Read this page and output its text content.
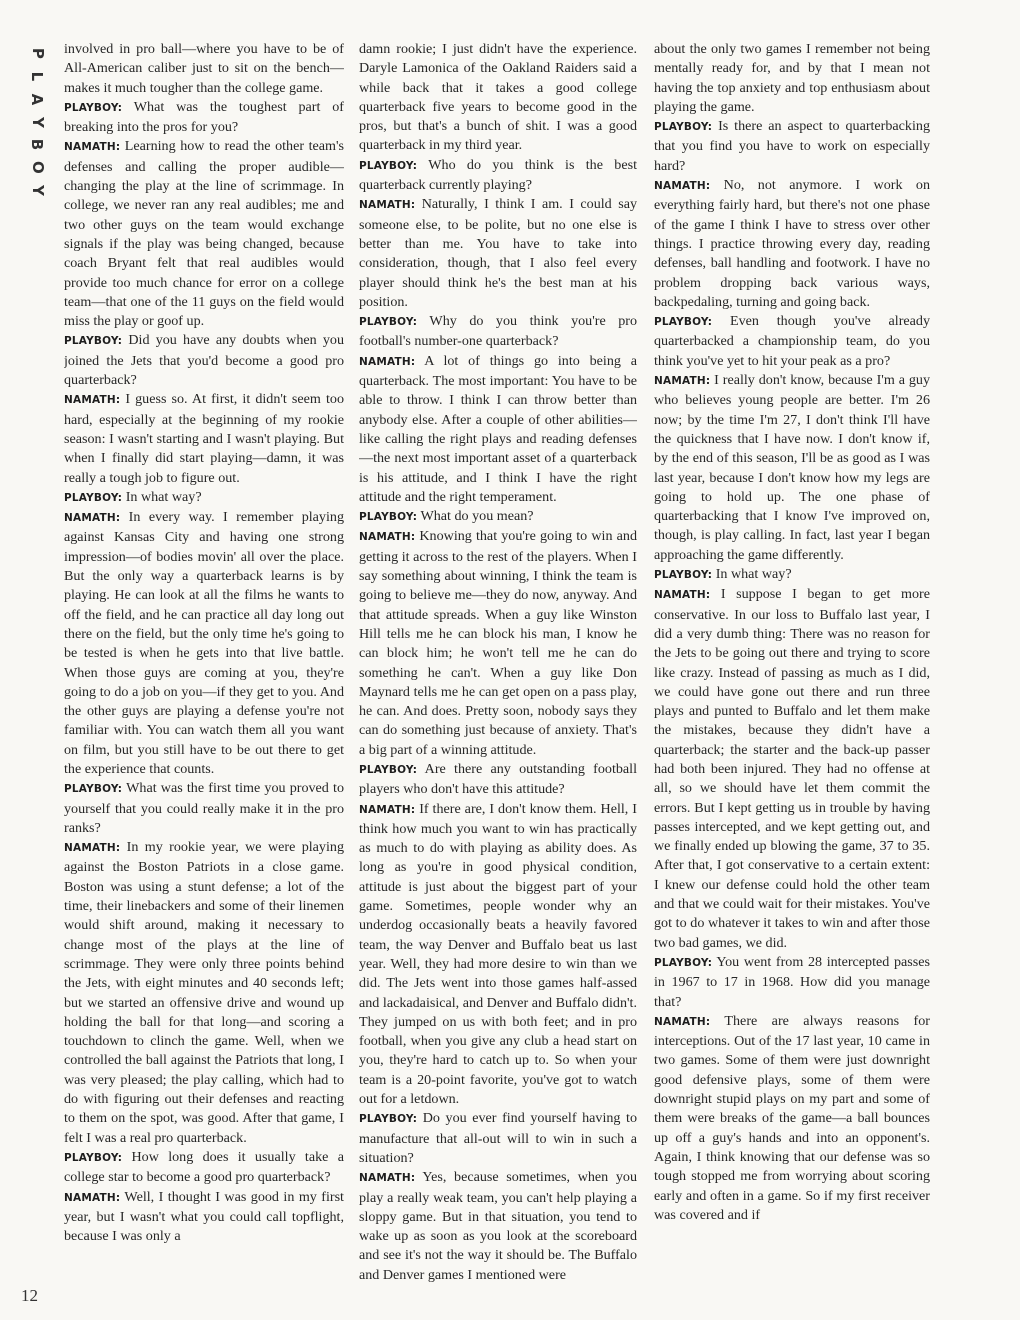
P
L
A
Y
B
O
Y

involved in pro ball—where you have to be of All-American caliber just to sit on the bench—makes it much tougher than the college game.

PLAYBOY: What was the toughest part of breaking into the pros for you?

NAMATH: Learning how to read the other team's defenses and calling the proper audible—changing the play at the line of scrimmage. In college, we never ran any real audibles; me and two other guys on the team would exchange signals if the play was being changed, because coach Bryant felt that real audibles would provide too much chance for error on a college team—that one of the 11 guys on the field would miss the play or goof up.

PLAYBOY: Did you have any doubts when you joined the Jets that you'd become a good pro quarterback?

NAMATH: I guess so. At first, it didn't seem too hard, especially at the beginning of my rookie season: I wasn't starting and I wasn't playing. But when I finally did start playing—damn, it was really a tough job to figure out.

PLAYBOY: In what way?

NAMATH: In every way. I remember playing against Kansas City and having one strong impression—of bodies movin' all over the place. But the only way a quarterback learns is by playing. He can look at all the films he wants to off the field, and he can practice all day long out there on the field, but the only time he's going to be tested is when he gets into that live battle. When those guys are coming at you, they're going to do a job on you—if they get to you. And the other guys are playing a defense you're not familiar with. You can watch them all you want on film, but you still have to be out there to get the experience that counts.

PLAYBOY: What was the first time you proved to yourself that you could really make it in the pro ranks?

NAMATH: In my rookie year, we were playing against the Boston Patriots in a close game. Boston was using a stunt defense; a lot of the time, their linebackers and some of their linemen would shift around, making it necessary to change most of the plays at the line of scrimmage. They were only three points behind the Jets, with eight minutes and 40 seconds left; but we started an offensive drive and wound up holding the ball for that long—and scoring a touchdown to clinch the game. Well, when we controlled the ball against the Patriots that long, I was very pleased; the play calling, which had to do with figuring out their defenses and reacting to them on the spot, was good. After that game, I felt I was a real pro quarterback.

PLAYBOY: How long does it usually take a college star to become a good pro quarterback?

NAMATH: Well, I thought I was good in my first year, but I wasn't what you could call topflight, because I was only a

damn rookie; I just didn't have the experience. Daryle Lamonica of the Oakland Raiders said a while back that it takes a good college quarterback five years to become good in the pros, but that's a bunch of shit. I was a good quarterback in my third year.

PLAYBOY: Who do you think is the best quarterback currently playing?

NAMATH: Naturally, I think I am. I could say someone else, to be polite, but no one else is better than me. You have to take into consideration, though, that I also feel every player should think he's the best man at his position.

PLAYBOY: Why do you think you're pro football's number-one quarterback?

NAMATH: A lot of things go into being a quarterback. The most important: You have to be able to throw. I think I can throw better than anybody else. After a couple of other abilities—like calling the right plays and reading defenses—the next most important asset of a quarterback is his attitude, and I think I have the right attitude and the right temperament.

PLAYBOY: What do you mean?

NAMATH: Knowing that you're going to win and getting it across to the rest of the players. When I say something about winning, I think the team is going to believe me—they do now, anyway. And that attitude spreads. When a guy like Winston Hill tells me he can block his man, I know he can block him; he won't tell me he can do something he can't. When a guy like Don Maynard tells me he can get open on a pass play, he can. And does. Pretty soon, nobody says they can do something just because of anxiety. That's a big part of a winning attitude.

PLAYBOY: Are there any outstanding football players who don't have this attitude?

NAMATH: If there are, I don't know them. Hell, I think how much you want to win has practically as much to do with playing as ability does. As long as you're in good physical condition, attitude is just about the biggest part of your game. Sometimes, people wonder why an underdog occasionally beats a heavily favored team, the way Denver and Buffalo beat us last year. Well, they had more desire to win than we did. The Jets went into those games half-assed and lackadaisical, and Denver and Buffalo didn't. They jumped on us with both feet; and in pro football, when you give any club a head start on you, they're hard to catch up to. So when your team is a 20-point favorite, you've got to watch out for a letdown.

PLAYBOY: Do you ever find yourself having to manufacture that all-out will to win in such a situation?

NAMATH: Yes, because sometimes, when you play a really weak team, you can't help playing a sloppy game. But in that situation, you tend to wake up as soon as you look at the scoreboard and see it's not the way it should be. The Buffalo and Denver games I mentioned were

about the only two games I remember not being mentally ready for, and by that I mean not having the top anxiety and top enthusiasm about playing the game.

PLAYBOY: Is there an aspect to quarterbacking that you find you have to work on especially hard?

NAMATH: No, not anymore. I work on everything fairly hard, but there's not one phase of the game I think I have to stress over other things. I practice throwing every day, reading defenses, ball handling and footwork. I have no problem dropping back various ways, backpedaling, turning and going back.

PLAYBOY: Even though you've already quarterbacked a championship team, do you think you've yet to hit your peak as a pro?

NAMATH: I really don't know, because I'm a guy who believes young people are better. I'm 26 now; by the time I'm 27, I don't think I'll have the quickness that I have now. I don't know if, by the end of this season, I'll be as good as I was last year, because I don't know how my legs are going to hold up. The one phase of quarterbacking that I know I've improved on, though, is play calling. In fact, last year I began approaching the game differently.

PLAYBOY: In what way?

NAMATH: I suppose I began to get more conservative. In our loss to Buffalo last year, I did a very dumb thing: There was no reason for the Jets to be going out there and trying to score like crazy. Instead of passing as much as I did, we could have gone out there and run three plays and punted to Buffalo and let them make the mistakes, because they didn't have a quarterback; the starter and the back-up passer had both been injured. They had no offense at all, so we should have let them commit the errors. But I kept getting us in trouble by having passes intercepted, and we kept getting out, and we finally ended up blowing the game, 37 to 35. After that, I got conservative to a certain extent: I knew our defense could hold the other team and that we could wait for their mistakes. You've got to do whatever it takes to win and after those two bad games, we did.

PLAYBOY: You went from 28 intercepted passes in 1967 to 17 in 1968. How did you manage that?

NAMATH: There are always reasons for interceptions. Out of the 17 last year, 10 came in two games. Some of them were just downright good defensive plays, some of them were downright stupid plays on my part and some of them were breaks of the game—a ball bounces up off a guy's hands and into an opponent's. Again, I think knowing that our defense was so tough stopped me from worrying about scoring early and often in a game. So if my first receiver was covered and if

12
